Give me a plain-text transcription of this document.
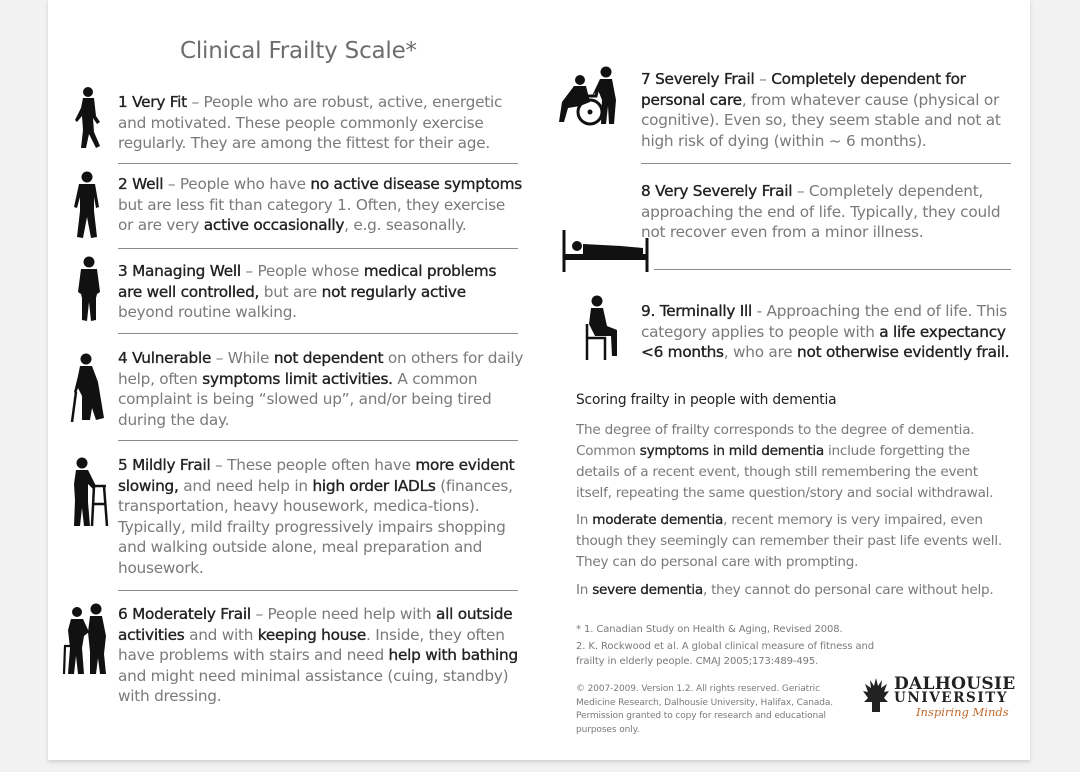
Clinical Frailty Scale*
1 Very Fit – People who are robust, active, energetic and motivated. These people commonly exercise regularly. They are among the fittest for their age.
2 Well – People who have no active disease symptoms but are less fit than category 1. Often, they exercise or are very active occasionally, e.g. seasonally.
3 Managing Well – People whose medical problems are well controlled, but are not regularly active beyond routine walking.
4 Vulnerable – While not dependent on others for daily help, often symptoms limit activities. A common complaint is being “slowed up”, and/or being tired during the day.
5 Mildly Frail – These people often have more evident slowing, and need help in high order IADLs (finances, transportation, heavy housework, medica-tions). Typically, mild frailty progressively impairs shopping and walking outside alone, meal preparation and housework.
6 Moderately Frail – People need help with all outside activities and with keeping house. Inside, they often have problems with stairs and need help with bathing and might need minimal assistance (cuing, standby) with dressing.
7 Severely Frail – Completely dependent for personal care, from whatever cause (physical or cognitive). Even so, they seem stable and not at high risk of dying (within ~ 6 months).
8 Very Severely Frail – Completely dependent, approaching the end of life. Typically, they could not recover even from a minor illness.
9. Terminally Ill - Approaching the end of life. This category applies to people with a life expectancy <6 months, who are not otherwise evidently frail.
Scoring frailty in people with dementia
The degree of frailty corresponds to the degree of dementia. Common symptoms in mild dementia include forgetting the details of a recent event, though still remembering the event itself, repeating the same question/story and social withdrawal.
In moderate dementia, recent memory is very impaired, even though they seemingly can remember their past life events well. They can do personal care with prompting.
In severe dementia, they cannot do personal care without help.
* 1. Canadian Study on Health & Aging, Revised 2008.
2. K. Rockwood et al. A global clinical measure of fitness and frailty in elderly people. CMAJ 2005;173:489-495.
© 2007-2009. Version 1.2. All rights reserved. Geriatric Medicine Research, Dalhousie University, Halifax, Canada. Permission granted to copy for research and educational purposes only.
DALHOUSIE
UNIVERSITY
Inspiring Minds
